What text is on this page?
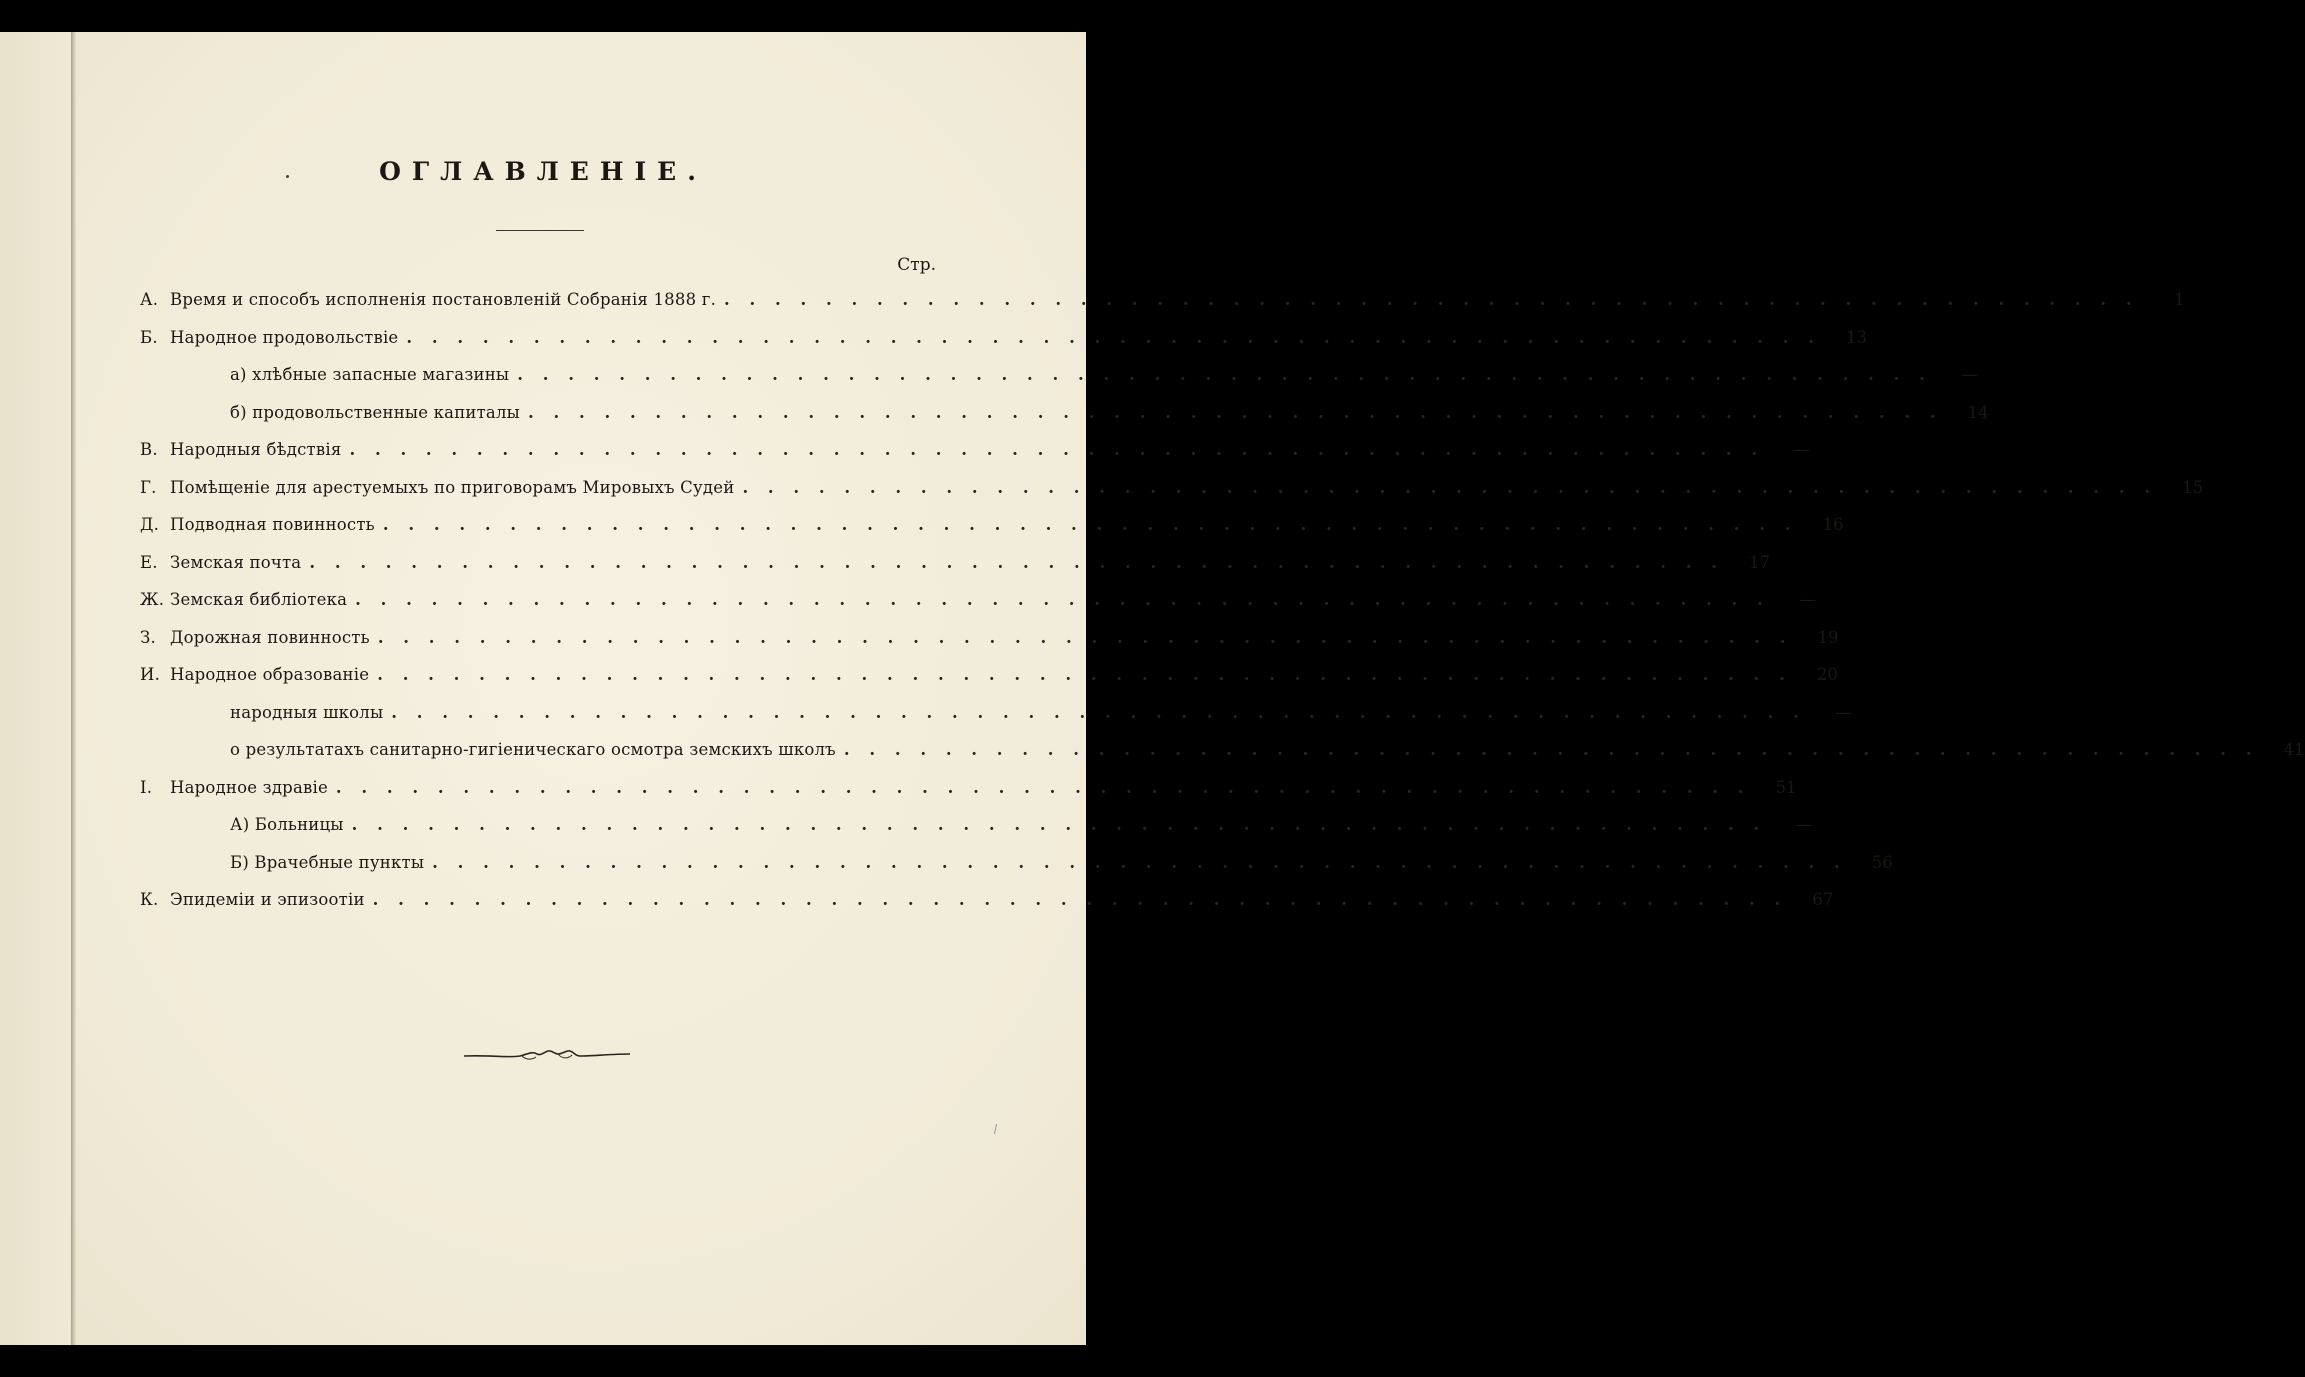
ОГЛАВЛЕНІЕ.
Стр.
А. Время и способъ исполненія постановленій Собранія 1888 г. . . . . . . . . . . . . . . . . . . . . . . . . . . . . . . . . . . . . . . . . . . . . . . . . . . . . . . . .	1
Б. Народное продовольствіе . . . . . . . . . . . . . . . . . . . . . . . . . . . . . . . . . . . . . . . . . . . . . . . . . . . . . . . .	13
а) хлѣбные запасные магазины . . . . . . . . . . . . . . . . . . . . . . . . . . . . . . . . . . . . . . . . . . . . . . . . . . . . . . . .	—
б) продовольственные капиталы . . . . . . . . . . . . . . . . . . . . . . . . . . . . . . . . . . . . . . . . . . . . . . . . . . . . . . . .	14
В. Народныя бѣдствія . . . . . . . . . . . . . . . . . . . . . . . . . . . . . . . . . . . . . . . . . . . . . . . . . . . . . . . .	—
Г. Помѣщеніе для арестуемыхъ по приговорамъ Мировыхъ Судей . . . . . . . . . . . . . . . . . . . . . . . . . . . . . . . . . . . . . . . . . . . . . . . . . . . . . . . .	15
Д. Подводная повинность . . . . . . . . . . . . . . . . . . . . . . . . . . . . . . . . . . . . . . . . . . . . . . . . . . . . . . . .	16
Е. Земская почта . . . . . . . . . . . . . . . . . . . . . . . . . . . . . . . . . . . . . . . . . . . . . . . . . . . . . . . .	17
Ж. Земская библіотека . . . . . . . . . . . . . . . . . . . . . . . . . . . . . . . . . . . . . . . . . . . . . . . . . . . . . . . .	—
З. Дорожная повинность . . . . . . . . . . . . . . . . . . . . . . . . . . . . . . . . . . . . . . . . . . . . . . . . . . . . . . . .	19
И. Народное образованіе . . . . . . . . . . . . . . . . . . . . . . . . . . . . . . . . . . . . . . . . . . . . . . . . . . . . . . . .	20
народныя школы . . . . . . . . . . . . . . . . . . . . . . . . . . . . . . . . . . . . . . . . . . . . . . . . . . . . . . . .	—
о результатахъ санитарно-гигіеническаго осмотра земскихъ школъ . . . . . . . . . . . . . . . . . . . . . . . . . . . . . . . . . . . . . . . . . . . . . . . . . . . . . . . .	41
І. Народное здравіе . . . . . . . . . . . . . . . . . . . . . . . . . . . . . . . . . . . . . . . . . . . . . . . . . . . . . . . .	51
А) Больницы . . . . . . . . . . . . . . . . . . . . . . . . . . . . . . . . . . . . . . . . . . . . . . . . . . . . . . . .	—
Б) Врачебные пункты . . . . . . . . . . . . . . . . . . . . . . . . . . . . . . . . . . . . . . . . . . . . . . . . . . . . . . . .	56
К. Эпидеміи и эпизоотіи . . . . . . . . . . . . . . . . . . . . . . . . . . . . . . . . . . . . . . . . . . . . . . . . . . . . . . . .	67
